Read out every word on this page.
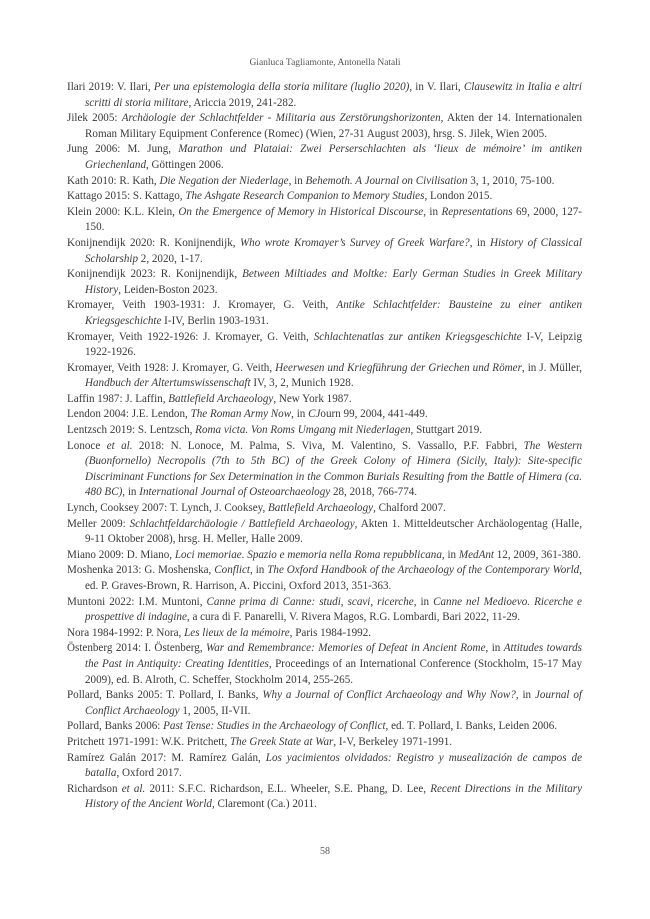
Gianluca Tagliamonte, Antonella Natali

Ilari 2019: V. Ilari, Per una epistemologia della storia militare (luglio 2020), in V. Ilari, Clausewitz in Italia e altri scritti di storia militare, Ariccia 2019, 241-282.

Jilek 2005: Archäologie der Schlachtfelder - Militaria aus Zerstörungshorizonten, Akten der 14. Internationalen Roman Military Equipment Conference (Romec) (Wien, 27-31 August 2003), hrsg. S. Jilek, Wien 2005.

Jung 2006: M. Jung, Marathon und Plataiai: Zwei Perserschlachten als ‘lieux de mémoire’ im antiken Griechenland, Göttingen 2006.

Kath 2010: R. Kath, Die Negation der Niederlage, in Behemoth. A Journal on Civilisation 3, 1, 2010, 75-100.

Kattago 2015: S. Kattago, The Ashgate Research Companion to Memory Studies, London 2015.

Klein 2000: K.L. Klein, On the Emergence of Memory in Historical Discourse, in Representations 69, 2000, 127-150.

Konijnendijk 2020: R. Konijnendijk, Who wrote Kromayer’s Survey of Greek Warfare?, in History of Classical Scholarship 2, 2020, 1-17.

Konijnendijk 2023: R. Konijnendijk, Between Miltiades and Moltke: Early German Studies in Greek Military History, Leiden-Boston 2023.

Kromayer, Veith 1903-1931: J. Kromayer, G. Veith, Antike Schlachtfelder: Bausteine zu einer antiken Kriegsgeschichte I-IV, Berlin 1903-1931.

Kromayer, Veith 1922-1926: J. Kromayer, G. Veith, Schlachtenatlas zur antiken Kriegsgeschichte I-V, Leipzig 1922-1926.

Kromayer, Veith 1928: J. Kromayer, G. Veith, Heerwesen und Kriegführung der Griechen und Römer, in J. Müller, Handbuch der Altertumswissenschaft IV, 3, 2, Munich 1928.

Laffin 1987: J. Laffin, Battlefield Archaeology, New York 1987.

Lendon 2004: J.E. Lendon, The Roman Army Now, in CJourn 99, 2004, 441-449.

Lentzsch 2019: S. Lentzsch, Roma victa. Von Roms Umgang mit Niederlagen, Stuttgart 2019.

Lonoce et al. 2018: N. Lonoce, M. Palma, S. Viva, M. Valentino, S. Vassallo, P.F. Fabbri, The Western (Buonfornello) Necropolis (7th to 5th BC) of the Greek Colony of Himera (Sicily, Italy): Site-specific Discriminant Functions for Sex Determination in the Common Burials Resulting from the Battle of Himera (ca. 480 BC), in International Journal of Osteoarchaeology 28, 2018, 766-774.

Lynch, Cooksey 2007: T. Lynch, J. Cooksey, Battlefield Archaeology, Chalford 2007.

Meller 2009: Schlachtfeldarchäologie / Battlefield Archaeology, Akten 1. Mitteldeutscher Archäologentag (Halle, 9-11 Oktober 2008), hrsg. H. Meller, Halle 2009.

Miano 2009: D. Miano, Loci memoriae. Spazio e memoria nella Roma repubblicana, in MedAnt 12, 2009, 361-380.

Moshenka 2013: G. Moshenska, Conflict, in The Oxford Handbook of the Archaeology of the Contemporary World, ed. P. Graves-Brown, R. Harrison, A. Piccini, Oxford 2013, 351-363.

Muntoni 2022: I.M. Muntoni, Canne prima di Canne: studi, scavi, ricerche, in Canne nel Medioevo. Ricerche e prospettive di indagine, a cura di F. Panarelli, V. Rivera Magos, R.G. Lombardi, Bari 2022, 11-29.

Nora 1984-1992: P. Nora, Les lieux de la mémoire, Paris 1984-1992.

Östenberg 2014: I. Östenberg, War and Remembrance: Memories of Defeat in Ancient Rome, in Attitudes towards the Past in Antiquity: Creating Identities, Proceedings of an International Conference (Stockholm, 15-17 May 2009), ed. B. Alroth, C. Scheffer, Stockholm 2014, 255-265.

Pollard, Banks 2005: T. Pollard, I. Banks, Why a Journal of Conflict Archaeology and Why Now?, in Journal of Conflict Archaeology 1, 2005, II-VII.

Pollard, Banks 2006: Past Tense: Studies in the Archaeology of Conflict, ed. T. Pollard, I. Banks, Leiden 2006.

Pritchett 1971-1991: W.K. Pritchett, The Greek State at War, I-V, Berkeley 1971-1991.

Ramírez Galán 2017: M. Ramírez Galán, Los yacimientos olvidados: Registro y musealización de campos de batalla, Oxford 2017.

Richardson et al. 2011: S.F.C. Richardson, E.L. Wheeler, S.E. Phang, D. Lee, Recent Directions in the Military History of the Ancient World, Claremont (Ca.) 2011.

58
